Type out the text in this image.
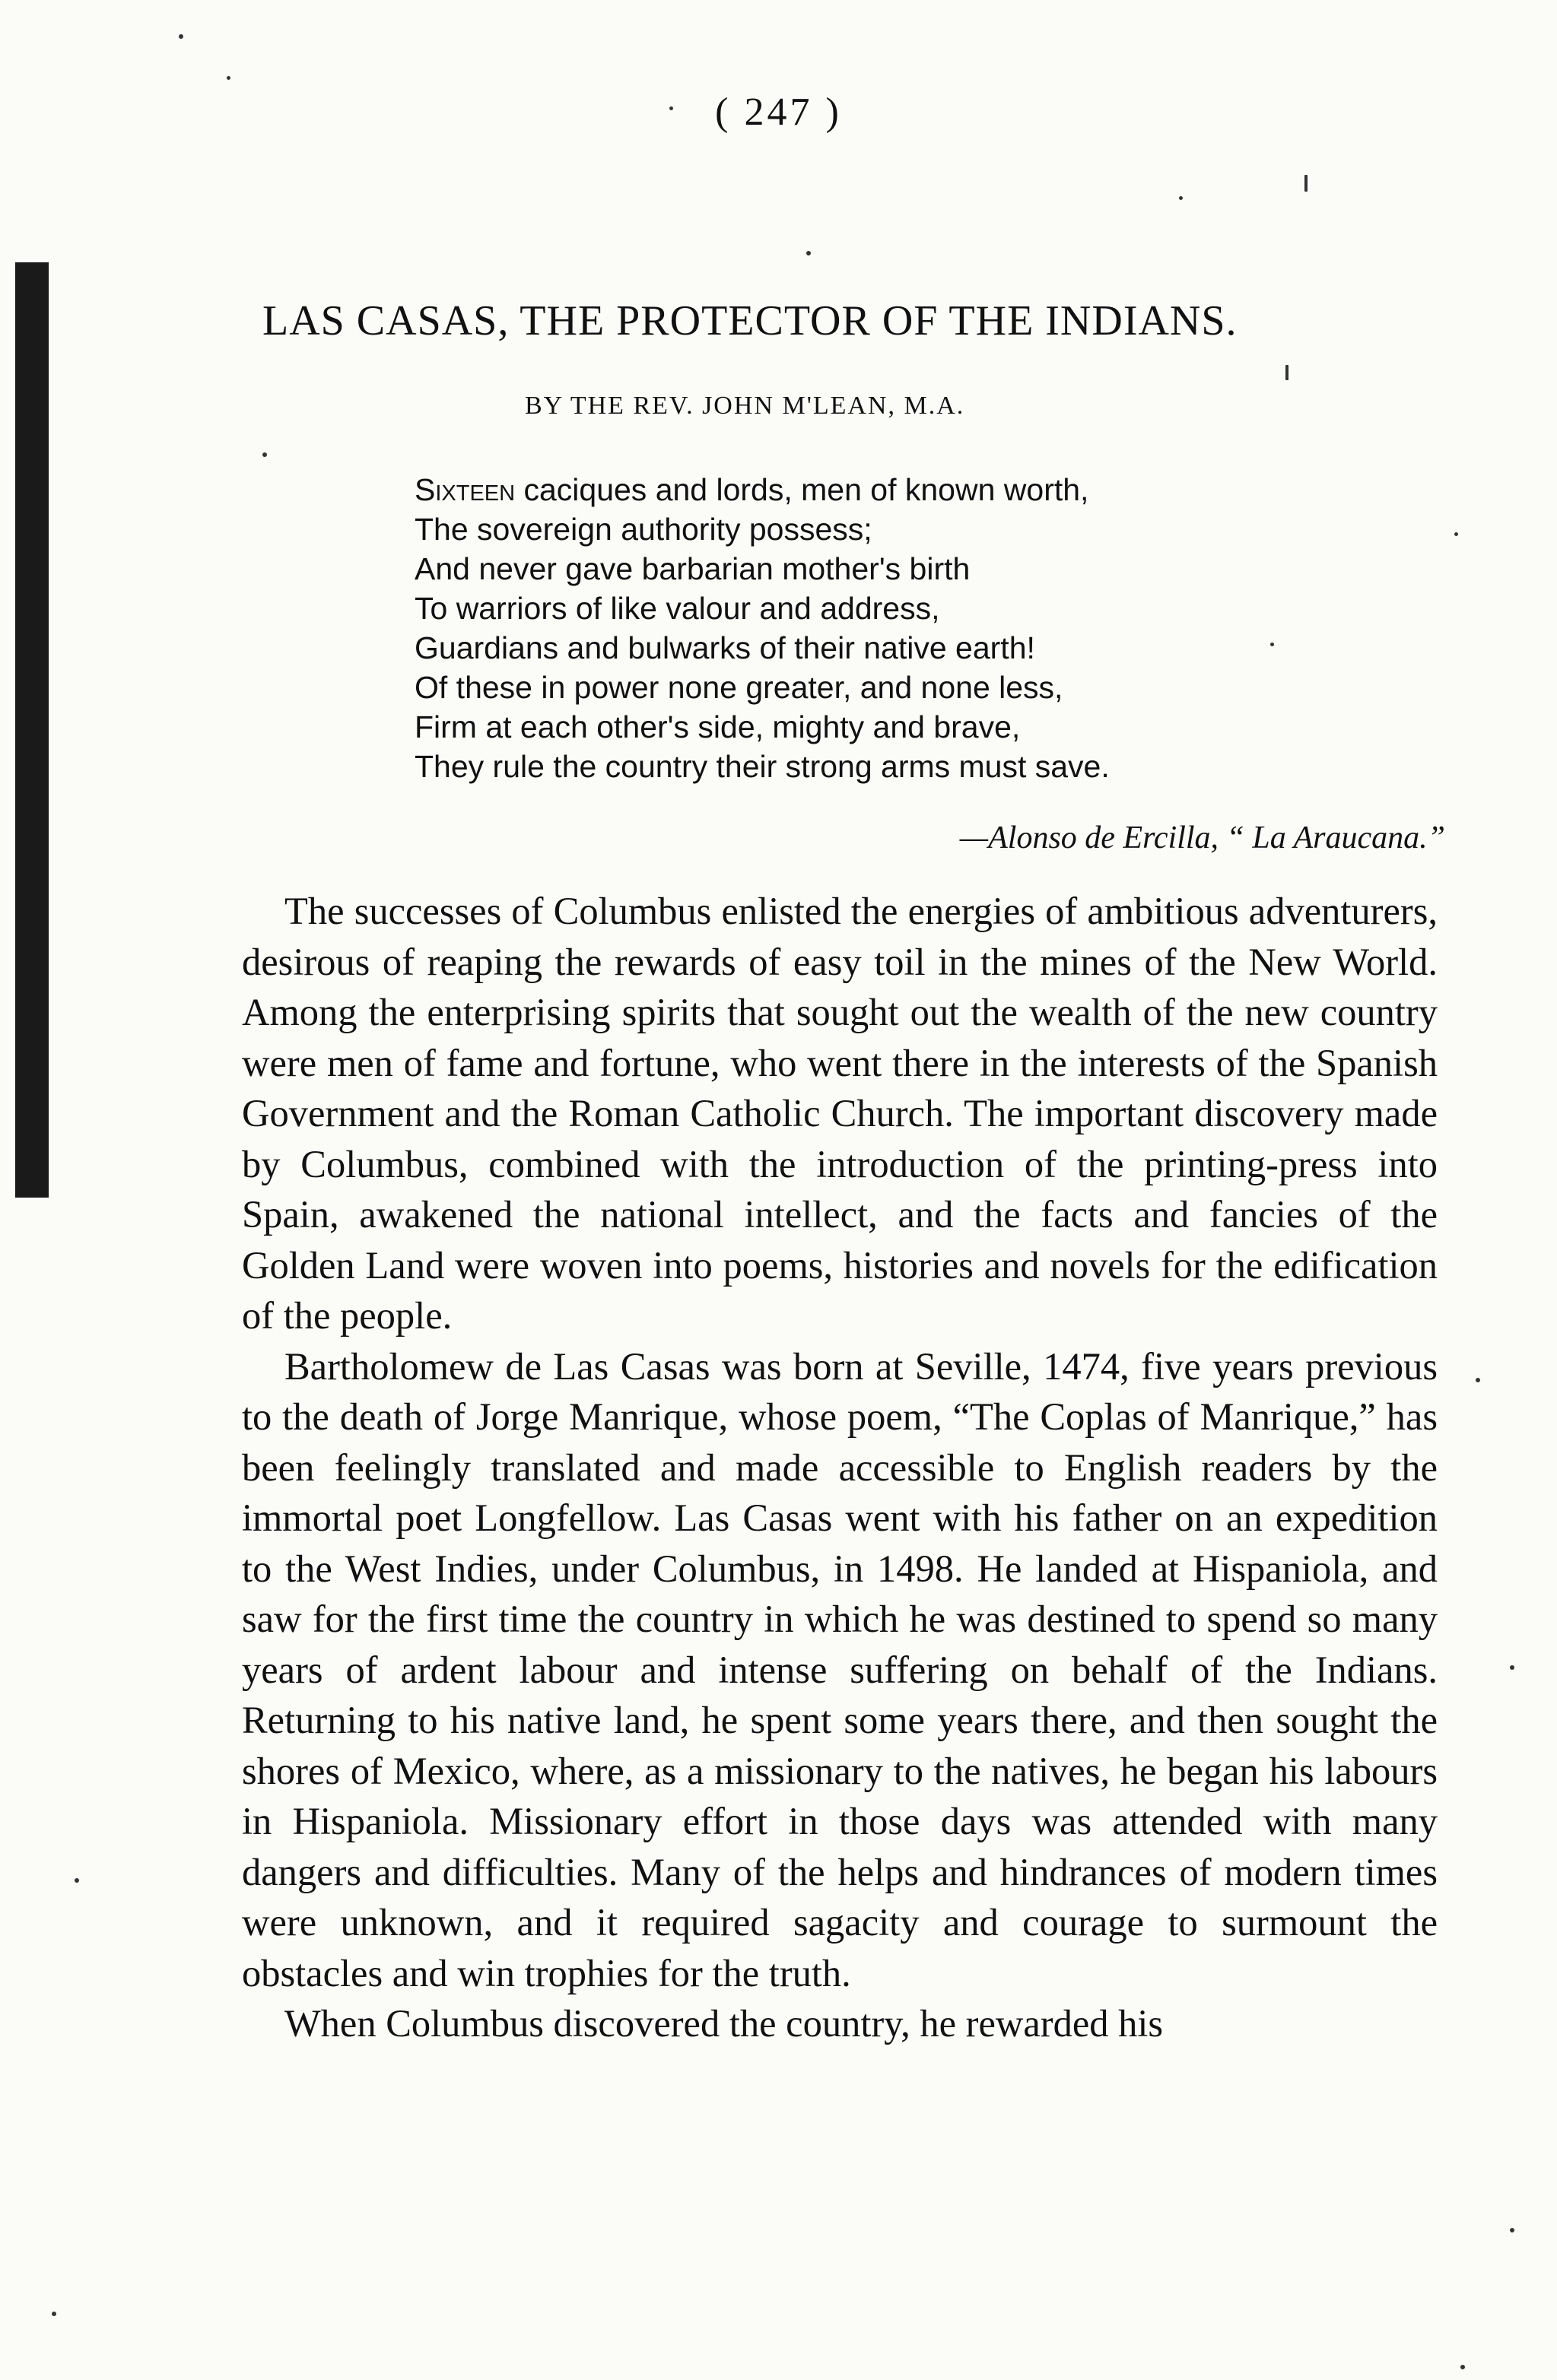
( 247 )
LAS CASAS, THE PROTECTOR OF THE INDIANS.
BY THE REV. JOHN M'LEAN, M.A.
Sixteen caciques and lords, men of known worth,
The sovereign authority possess;
And never gave barbarian mother's birth
To warriors of like valour and address,
Guardians and bulwarks of their native earth!
Of these in power none greater, and none less,
Firm at each other's side, mighty and brave,
They rule the country their strong arms must save.
—Alonso de Ercilla, “ La Araucana.”

The successes of Columbus enlisted the energies of ambitious adventurers, desirous of reaping the rewards of easy toil in the mines of the New World. Among the enterprising spirits that sought out the wealth of the new country were men of fame and fortune, who went there in the interests of the Spanish Government and the Roman Catholic Church. The important discovery made by Columbus, combined with the introduction of the printing-press into Spain, awakened the national intellect, and the facts and fancies of the Golden Land were woven into poems, histories and novels for the edification of the people.

Bartholomew de Las Casas was born at Seville, 1474, five years previous to the death of Jorge Manrique, whose poem, “The Coplas of Manrique,” has been feelingly translated and made accessible to English readers by the immortal poet Longfellow. Las Casas went with his father on an expedition to the West Indies, under Columbus, in 1498. He landed at Hispaniola, and saw for the first time the country in which he was destined to spend so many years of ardent labour and intense suffering on behalf of the Indians. Returning to his native land, he spent some years there, and then sought the shores of Mexico, where, as a missionary to the natives, he began his labours in Hispaniola. Missionary effort in those days was attended with many dangers and difficulties. Many of the helps and hindrances of modern times were unknown, and it required sagacity and courage to surmount the obstacles and win trophies for the truth.

When Columbus discovered the country, he rewarded his
